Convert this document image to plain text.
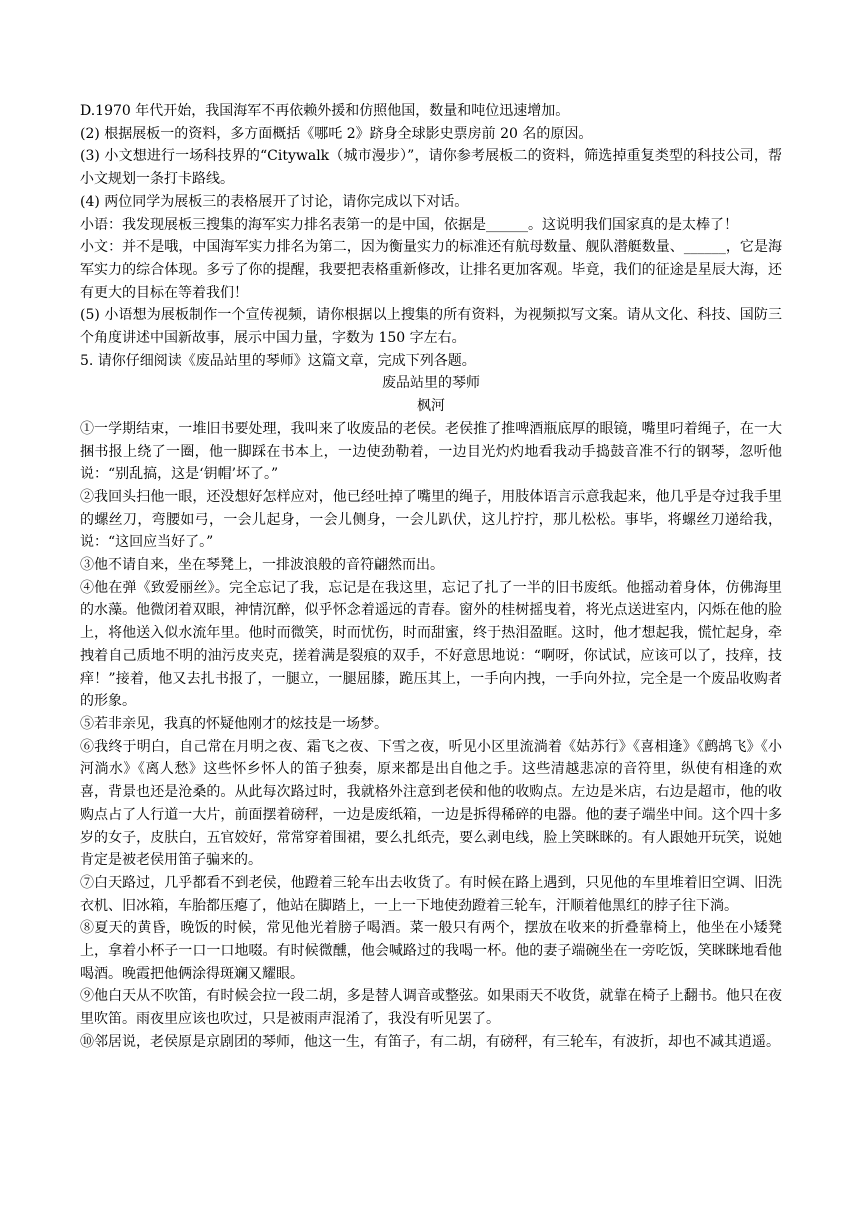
D.1970 年代开始，我国海军不再依赖外援和仿照他国，数量和吨位迅速增加。

(2) 根据展板一的资料，多方面概括《哪吒 2》跻身全球影史票房前 20 名的原因。

(3) 小文想进行一场科技界的“Citywalk（城市漫步）”，请你参考展板二的资料，筛选掉重复类型的科技公司，帮小文规划一条打卡路线。

(4) 两位同学为展板三的表格展开了讨论，请你完成以下对话。

小语：我发现展板三搜集的海军实力排名表第一的是中国，依据是______。这说明我们国家真的是太棒了！

小文：并不是哦，中国海军实力排名为第二，因为衡量实力的标准还有航母数量、舰队潜艇数量、______，它是海军实力的综合体现。多亏了你的提醒，我要把表格重新修改，让排名更加客观。毕竟，我们的征途是星辰大海，还有更大的目标在等着我们！

(5) 小语想为展板制作一个宣传视频，请你根据以上搜集的所有资料，为视频拟写文案。请从文化、科技、国防三个角度讲述中国新故事，展示中国力量，字数为 150 字左右。

5. 请你仔细阅读《废品站里的琴师》这篇文章，完成下列各题。

废品站里的琴师

枫河

①一学期结束，一堆旧书要处理，我叫来了收废品的老侯。老侯推了推啤酒瓶底厚的眼镜，嘴里叼着绳子，在一大捆书报上绕了一圈，他一脚踩在书本上，一边使劲勒着，一边目光灼灼地看我动手捣鼓音准不行的钢琴，忽听他说：“别乱搞，这是‘钥帽’坏了。”

②我回头扫他一眼，还没想好怎样应对，他已经吐掉了嘴里的绳子，用肢体语言示意我起来，他几乎是夺过我手里的螺丝刀，弯腰如弓，一会儿起身，一会儿侧身，一会儿趴伏，这儿拧拧，那儿松松。事毕，将螺丝刀递给我，说：“这回应当好了。”

③他不请自来，坐在琴凳上，一排波浪般的音符翩然而出。

④他在弹《致爱丽丝》。完全忘记了我，忘记是在我这里，忘记了扎了一半的旧书废纸。他摇动着身体，仿佛海里的水藻。他微闭着双眼，神情沉醉，似乎怀念着遥远的青春。窗外的桂树摇曳着，将光点送进室内，闪烁在他的脸上，将他送入似水流年里。他时而微笑，时而忧伤，时而甜蜜，终于热泪盈眶。这时，他才想起我，慌忙起身，牵拽着自己质地不明的油污皮夹克，搓着满是裂痕的双手，不好意思地说：“啊呀，你试试，应该可以了，技痒，技痒！”接着，他又去扎书报了，一腿立，一腿屈膝，跪压其上，一手向内拽，一手向外拉，完全是一个废品收购者的形象。

⑤若非亲见，我真的怀疑他刚才的炫技是一场梦。

⑥我终于明白，自己常在月明之夜、霜飞之夜、下雪之夜，听见小区里流淌着《姑苏行》《喜相逢》《鹧鸪飞》《小河淌水》《离人愁》这些怀乡怀人的笛子独奏，原来都是出自他之手。这些清越悲凉的音符里，纵使有相逢的欢喜，背景也还是沧桑的。从此每次路过时，我就格外注意到老侯和他的收购点。左边是米店，右边是超市，他的收购点占了人行道一大片，前面摆着磅秤，一边是废纸箱，一边是拆得稀碎的电器。他的妻子端坐中间。这个四十多岁的女子，皮肤白，五官姣好，常常穿着围裙，要么扎纸壳，要么剥电线，脸上笑眯眯的。有人跟她开玩笑，说她肯定是被老侯用笛子骗来的。

⑦白天路过，几乎都看不到老侯，他蹬着三轮车出去收货了。有时候在路上遇到，只见他的车里堆着旧空调、旧洗衣机、旧冰箱，车胎都压瘪了，他站在脚踏上，一上一下地使劲蹬着三轮车，汗顺着他黑红的脖子往下淌。

⑧夏天的黄昏，晚饭的时候，常见他光着膀子喝酒。菜一般只有两个，摆放在收来的折叠靠椅上，他坐在小矮凳上，拿着小杯子一口一口地啜。有时候微醺，他会喊路过的我喝一杯。他的妻子端碗坐在一旁吃饭，笑眯眯地看他喝酒。晚霞把他俩涂得斑斓又耀眼。

⑨他白天从不吹笛，有时候会拉一段二胡，多是替人调音或整弦。如果雨天不收货，就靠在椅子上翻书。他只在夜里吹笛。雨夜里应该也吹过，只是被雨声混淆了，我没有听见罢了。

⑩邻居说，老侯原是京剧团的琴师，他这一生，有笛子，有二胡，有磅秤，有三轮车，有波折，却也不减其逍遥。
